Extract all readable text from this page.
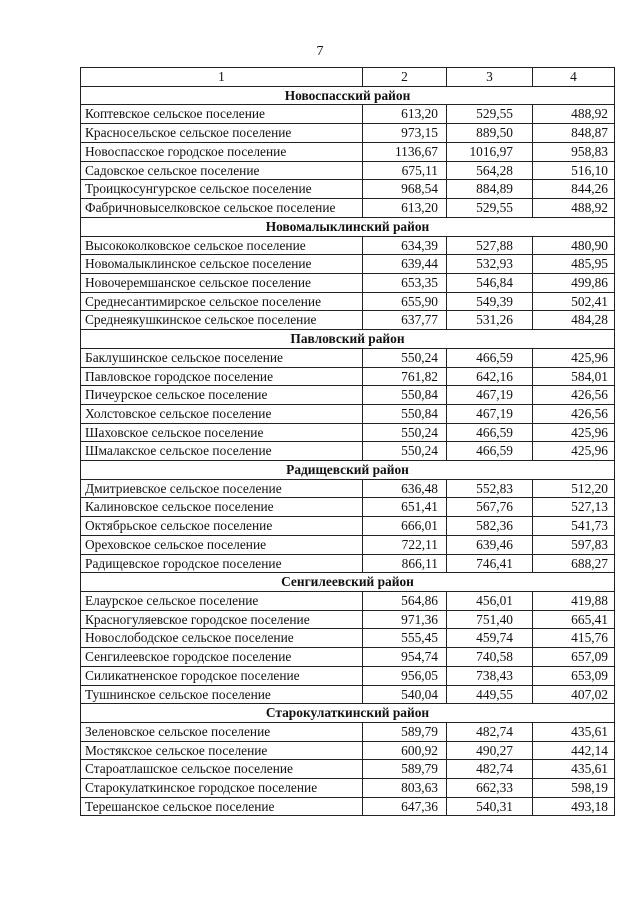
7
1	2	3	4
Новоспасский район			
Коптевское сельское поселение	613,20	529,55	488,92
Красносельское сельское поселение	973,15	889,50	848,87
Новоспасское городское поселение	1136,67	1016,97	958,83
Садовское сельское поселение	675,11	564,28	516,10
Троицкосунгурское сельское поселение	968,54	884,89	844,26
Фабричновыселковское сельское поселение	613,20	529,55	488,92
Новомалыклинский район			
Высококолковское сельское поселение	634,39	527,88	480,90
Новомалыклинское сельское поселение	639,44	532,93	485,95
Новочеремшанское сельское поселение	653,35	546,84	499,86
Среднесантимирское сельское поселение	655,90	549,39	502,41
Среднеякушкинское сельское поселение	637,77	531,26	484,28
Павловский район			
Баклушинское сельское поселение	550,24	466,59	425,96
Павловское городское поселение	761,82	642,16	584,01
Пичеурское сельское поселение	550,84	467,19	426,56
Холстовское сельское поселение	550,84	467,19	426,56
Шаховское сельское поселение	550,24	466,59	425,96
Шмалакское сельское поселение	550,24	466,59	425,96
Радищевский район			
Дмитриевское сельское поселение	636,48	552,83	512,20
Калиновское сельское поселение	651,41	567,76	527,13
Октябрьское сельское поселение	666,01	582,36	541,73
Ореховское сельское поселение	722,11	639,46	597,83
Радищевское городское поселение	866,11	746,41	688,27
Сенгилеевский район			
Елаурское сельское поселение	564,86	456,01	419,88
Красногуляевское городское поселение	971,36	751,40	665,41
Новослободское сельское поселение	555,45	459,74	415,76
Сенгилеевское городское поселение	954,74	740,58	657,09
Силикатненское городское поселение	956,05	738,43	653,09
Тушнинское сельское поселение	540,04	449,55	407,02
Старокулаткинский район			
Зеленовское сельское поселение	589,79	482,74	435,61
Мостякское сельское поселение	600,92	490,27	442,14
Староатлашское сельское поселение	589,79	482,74	435,61
Старокулаткинское городское поселение	803,63	662,33	598,19
Терешанское сельское поселение	647,36	540,31	493,18
